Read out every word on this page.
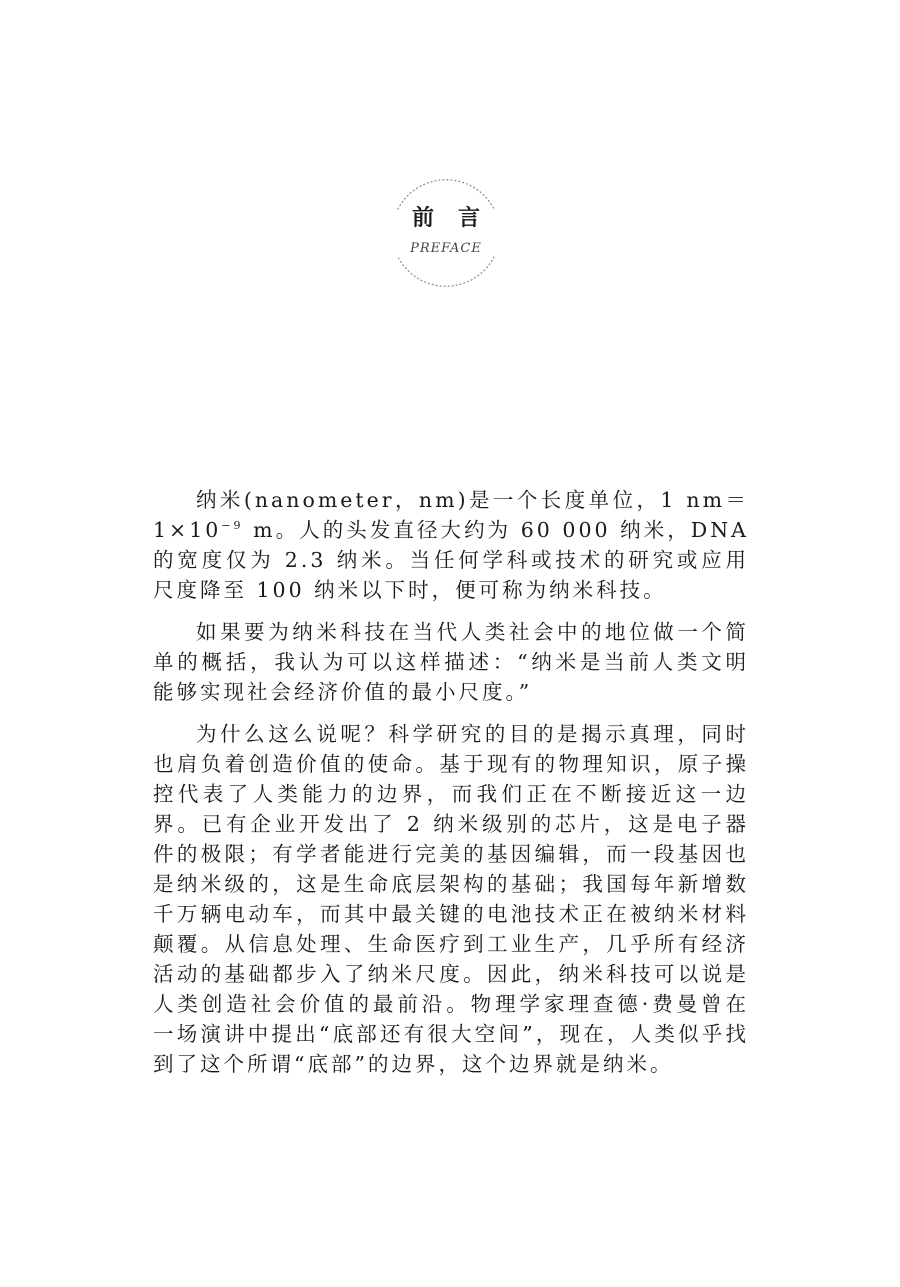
前言
PREFACE

纳米(nanometer，nm)是一个长度单位，1 $nm= 1\times 10^{-9}$ m。人的头发直径大约为 60 000 纳米，DNA 的宽度仅为 2.3 纳米。当任何学科或技术的研究或应用尺度降至 100 纳米以下时，便可称为纳米科技。

如果要为纳米科技在当代人类社会中的地位做一个简单的概括，我认为可以这样描述：“纳米是当前人类文明能够实现社会经济价值的最小尺度。”

为什么这么说呢？科学研究的目的是揭示真理，同时也肩负着创造价值的使命。基于现有的物理知识，原子操控代表了人类能力的边界，而我们正在不断接近这一边界。已有企业开发出了 2 纳米级别的芯片，这是电子器件的极限；有学者能进行完美的基因编辑，而一段基因也是纳米级的，这是生命底层架构的基础；我国每年新增数千万辆电动车，而其中最关键的电池技术正在被纳米材料颠覆。从信息处理、生命医疗到工业生产，几乎所有经济活动的基础都步入了纳米尺度。因此，纳米科技可以说是人类创造社会价值的最前沿。物理学家理查德·费曼曾在一场演讲中提出“底部还有很大空间”，现在，人类似乎找到了这个所谓“底部”的边界，这个边界就是纳米。
